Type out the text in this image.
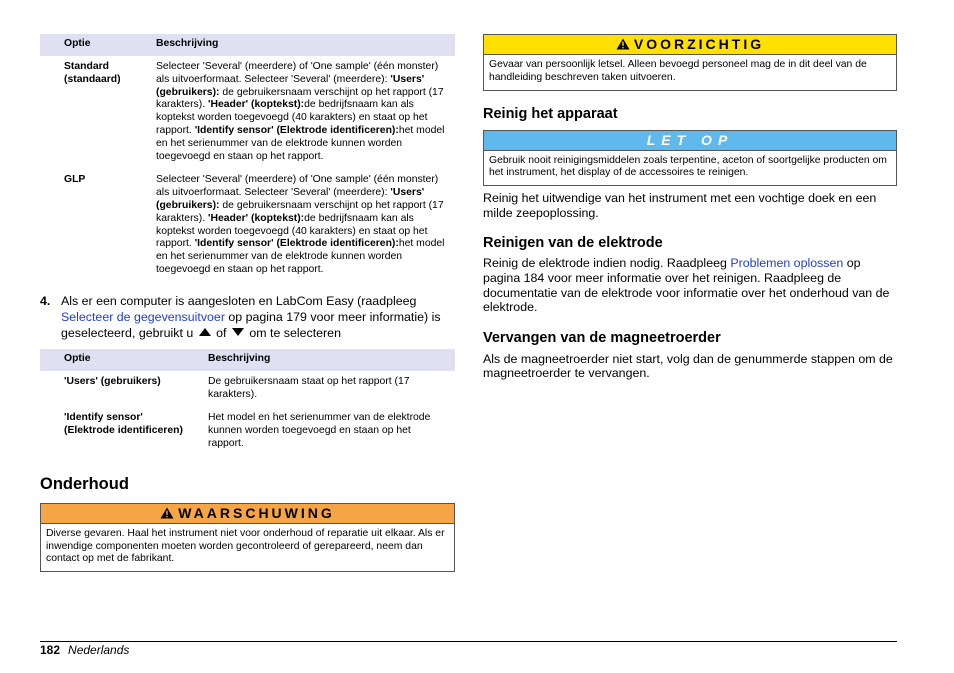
Optie	Beschrijving
Standard
(standaard)	Selecteer 'Several' (meerdere) of 'One sample' (één monster) als uitvoerformaat. Selecteer 'Several' (meerdere): 'Users' (gebruikers): de gebruikersnaam verschijnt op het rapport (17 karakters). 'Header' (koptekst):de bedrijfsnaam kan als koptekst worden toegevoegd (40 karakters) en staat op het rapport. 'Identify sensor' (Elektrode identificeren):het model en het serienummer van de elektrode kunnen worden toegevoegd en staan op het rapport.
GLP	Selecteer 'Several' (meerdere) of 'One sample' (één monster) als uitvoerformaat. Selecteer 'Several' (meerdere): 'Users' (gebruikers): de gebruikersnaam verschijnt op het rapport (17 karakters). 'Header' (koptekst):de bedrijfsnaam kan als koptekst worden toegevoegd (40 karakters) en staat op het rapport. 'Identify sensor' (Elektrode identificeren):het model en het serienummer van de elektrode kunnen worden toegevoegd en staan op het rapport.
4. Als er een computer is aangesloten en LabCom Easy (raadpleeg Selecteer de gegevensuitvoer op pagina 179 voor meer informatie) is geselecteerd, gebruikt u  of  om te selecteren
Optie	Beschrijving
'Users' (gebruikers)	De gebruikersnaam staat op het rapport (17 karakters).
'Identify sensor'
(Elektrode identificeren)	Het model en het serienummer van de elektrode kunnen worden toegevoegd en staan op het rapport.
Onderhoud
WAARSCHUWING
Diverse gevaren. Haal het instrument niet voor onderhoud of reparatie uit elkaar. Als er inwendige componenten moeten worden gecontroleerd of gerepareerd, neem dan contact op met de fabrikant.
VOORZICHTIG
Gevaar van persoonlijk letsel. Alleen bevoegd personeel mag de in dit deel van de handleiding beschreven taken uitvoeren.
Reinig het apparaat
LET OP
Gebruik nooit reinigingsmiddelen zoals terpentine, aceton of soortgelijke producten om het instrument, het display of de accessoires te reinigen.

Reinig het uitwendige van het instrument met een vochtige doek en een milde zeepoplossing.

Reinigen van de elektrode

Reinig de elektrode indien nodig. Raadpleeg Problemen oplossen op pagina 184 voor meer informatie over het reinigen. Raadpleeg de documentatie van de elektrode voor informatie over het onderhoud van de elektrode.

Vervangen van de magneetroerder

Als de magneetroerder niet start, volg dan de genummerde stappen om de magneetroerder te vervangen.

182 Nederlands
